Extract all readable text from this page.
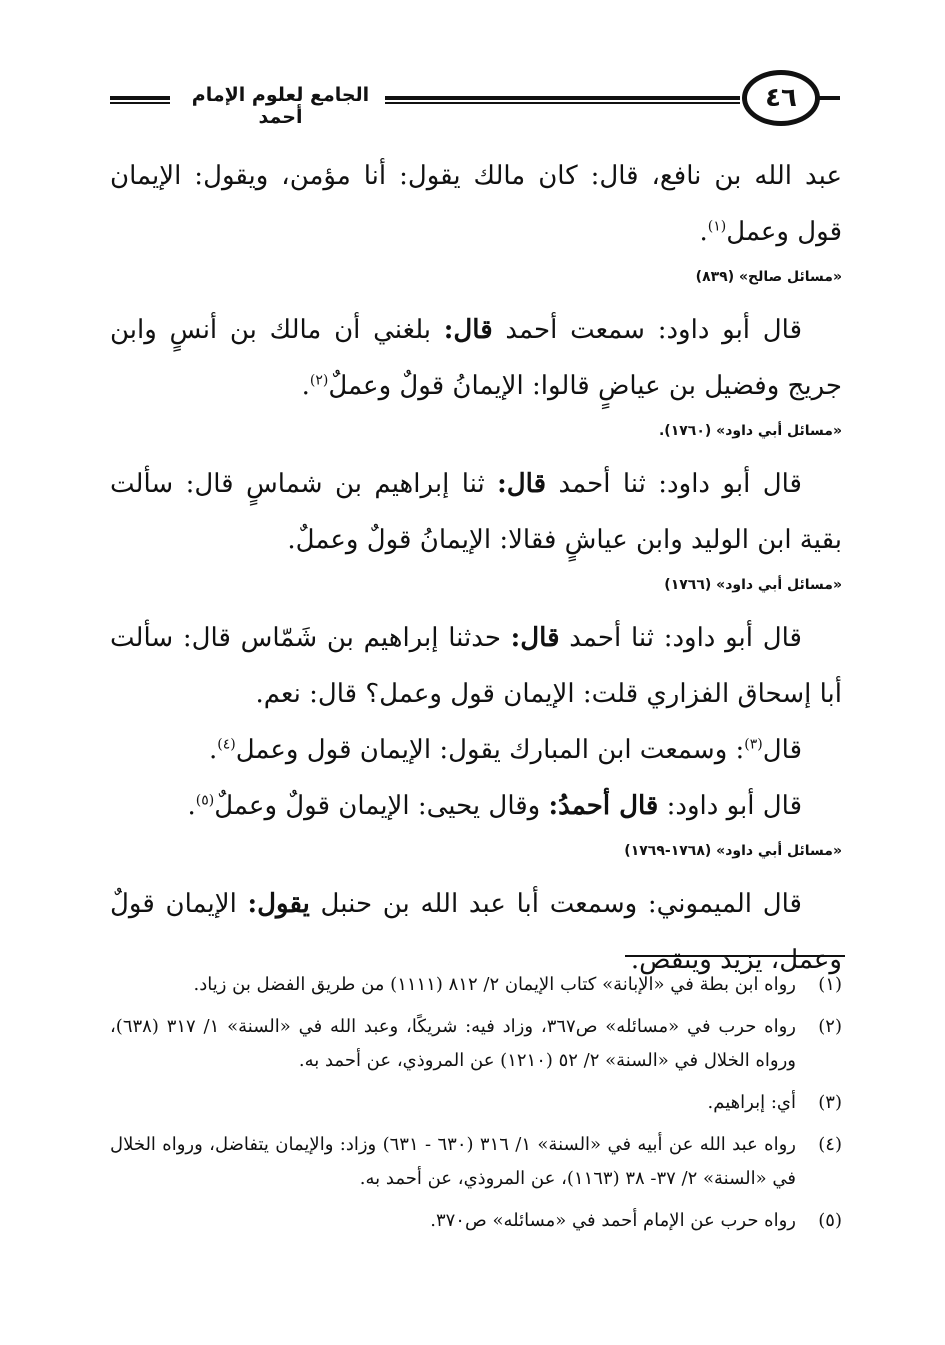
الجامع لعلوم الإمام أحمد
٤٦

عبد الله بن نافع، قال: كان مالك يقول: أنا مؤمن، ويقول: الإيمان قول وعمل$^{(١)}$.

«مسائل صالح» (٨٣٩)

قال أبو داود: سمعت أحمد قال: بلغني أن مالك بن أنسٍ وابن جريج وفضيل بن عياضٍ قالوا: الإيمانُ قولٌ وعملٌ$^{(٢)}$.

«مسائل أبي داود» (١٧٦٠).

قال أبو داود: ثنا أحمد قال: ثنا إبراهيم بن شماسٍ قال: سألت بقية ابن الوليد وابن عياشٍ فقالا: الإيمانُ قولٌ وعملٌ.

«مسائل أبي داود» (١٧٦٦)

قال أبو داود: ثنا أحمد قال: حدثنا إبراهيم بن شَمّاس قال: سألت أبا إسحاق الفزاري قلت: الإيمان قول وعمل؟ قال: نعم.

قال$^{(٣)}$: وسمعت ابن المبارك يقول: الإيمان قول وعمل$^{(٤)}$.

قال أبو داود: قال أحمدُ: وقال يحيى: الإيمان قولٌ وعملٌ$^{(٥)}$.

«مسائل أبي داود» (١٧٦٨-١٧٦٩)

قال الميموني: وسمعت أبا عبد الله بن حنبل يقول: الإيمان قولٌ وعمل، يزيد وينقص.

(١)
رواه ابن بطة في «الإبانة» كتاب الإيمان ٢/ ٨١٢ (١١١١) من طريق الفضل بن زياد.
(٢)
رواه حرب في «مسائله» ص٣٦٧، وزاد فيه: شريكًا، وعبد الله في «السنة» ١/ ٣١٧ (٦٣٨)، ورواه الخلال في «السنة» ٢/ ٥٢ (١٢١٠) عن المروذي، عن أحمد به.
(٣)
أي: إبراهيم.
(٤)
رواه عبد الله عن أبيه في «السنة» ١/ ٣١٦ (٦٣٠ - ٦٣١) وزاد: والإيمان يتفاضل، ورواه الخلال في «السنة» ٢/ ٣٧- ٣٨ (١١٦٣)، عن المروذي، عن أحمد به.
(٥)
رواه حرب عن الإمام أحمد في «مسائله» ص٣٧٠.
